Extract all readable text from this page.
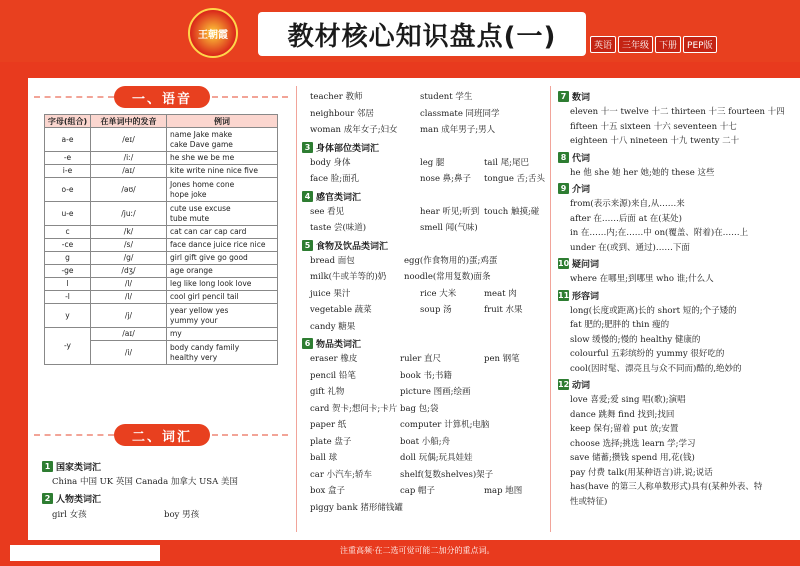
王朝霞 教材核心知识盘点(一)	英语	三年级	下册	PEP版
一、语音
字母(组合)	在单词中的发音	例词
a-e	/eɪ/	name Jake make
cake Dave game

-e	/iː/	he she we be me

i-e	/aɪ/	kite write nine nice five

o-e	/əʊ/	Jones home cone
hope joke

u-e	/juː/	cute use excuse
tube mute

c	/k/	cat can car cap card

-ce	/s/	face dance juice rice nice

g	/g/	girl gift give go good

-ge	/dʒ/	age orange

l	/l/	leg like long look love

-l	/l/	cool girl pencil tail

y	/j/	year yellow yes
yummy your

-y	/aɪ/	my

	/i/	body candy family
healthy very
二、词汇
1 国家类词汇
China 中国 UK 英国 Canada 加拿大 USA 美国
2 人物类词汇
girl 女孩	boy 男孩
teacher 教师	student 学生
neighbour 邻居	classmate 同班同学
woman 成年女子;妇女	man 成年男子;男人
3 身体部位类词汇
body 身体	leg 腿	tail 尾;尾巴
face 脸;面孔	nose 鼻;鼻子 tongue 舌;舌头
4 感官类词汇
see 看见	hear 听见;听到 touch 触摸;碰
taste 尝(味道)	smell 闻(气味)
5 食物及饮品类词汇
bread 面包	egg(作食物用的)蛋;鸡蛋
milk(牛或羊等的)奶 noodle(常用复数)面条
juice 果汁	rice 大米	meat 肉
vegetable 蔬菜	soup 汤	fruit 水果
candy 糖果
6 物品类词汇
eraser 橡皮	ruler 直尺	pen 钢笔
pencil 铅笔	book 书;书籍
gift 礼物	picture 图画;绘画
card 贺卡;想问卡;卡片 bag 包;袋
paper 纸	computer 计算机;电脑
plate 盘子	boat 小船;舟
ball 球	doll 玩偶;玩具娃娃
car 小汽车;轿车	shelf(复数shelves)架子
box 盒子	cap 帽子	map 地图
piggy bank 猪形储钱罐
7 数词
eleven 十一 twelve 十二 thirteen 十三 fourteen 十四
fifteen 十五 sixteen 十六 seventeen 十七
eighteen 十八 nineteen 十九 twenty 二十
8 代词
he 他 she 她 her 她;她的 these 这些
9 介词
from(表示来源)来自,从……来
after 在……后面 at 在(某处)
in 在……内;在……中 on(覆盖、附着)在……上
under 在(或到、通过)……下面
10 疑问词
where 在哪里;到哪里 who 谁;什么人
11 形容词
long(长度或距离)长的 short 短的;个子矮的
fat 肥的;肥胖的 thin 瘦的
slow 缓慢的;慢的 healthy 健康的
colourful 五彩缤纷的 yummy 很好吃的
cool(因时髦、漂亮且与众不同而)酷的,绝妙的
12 动词
love 喜爱;爱 sing 唱(歌);演唱
dance 跳舞 find 找到;找回
keep 保有;留着 put 放;安置
choose 选择;挑选 learn 学;学习
save 储蓄;攒钱 spend 用,花(钱)
pay 付费 talk(用某种语言)讲,说;说话
has(have 的第三人称单数形式)具有(某种外表、特
性或特征)
注重高频·在二选可觉可能二加分的重点词。
